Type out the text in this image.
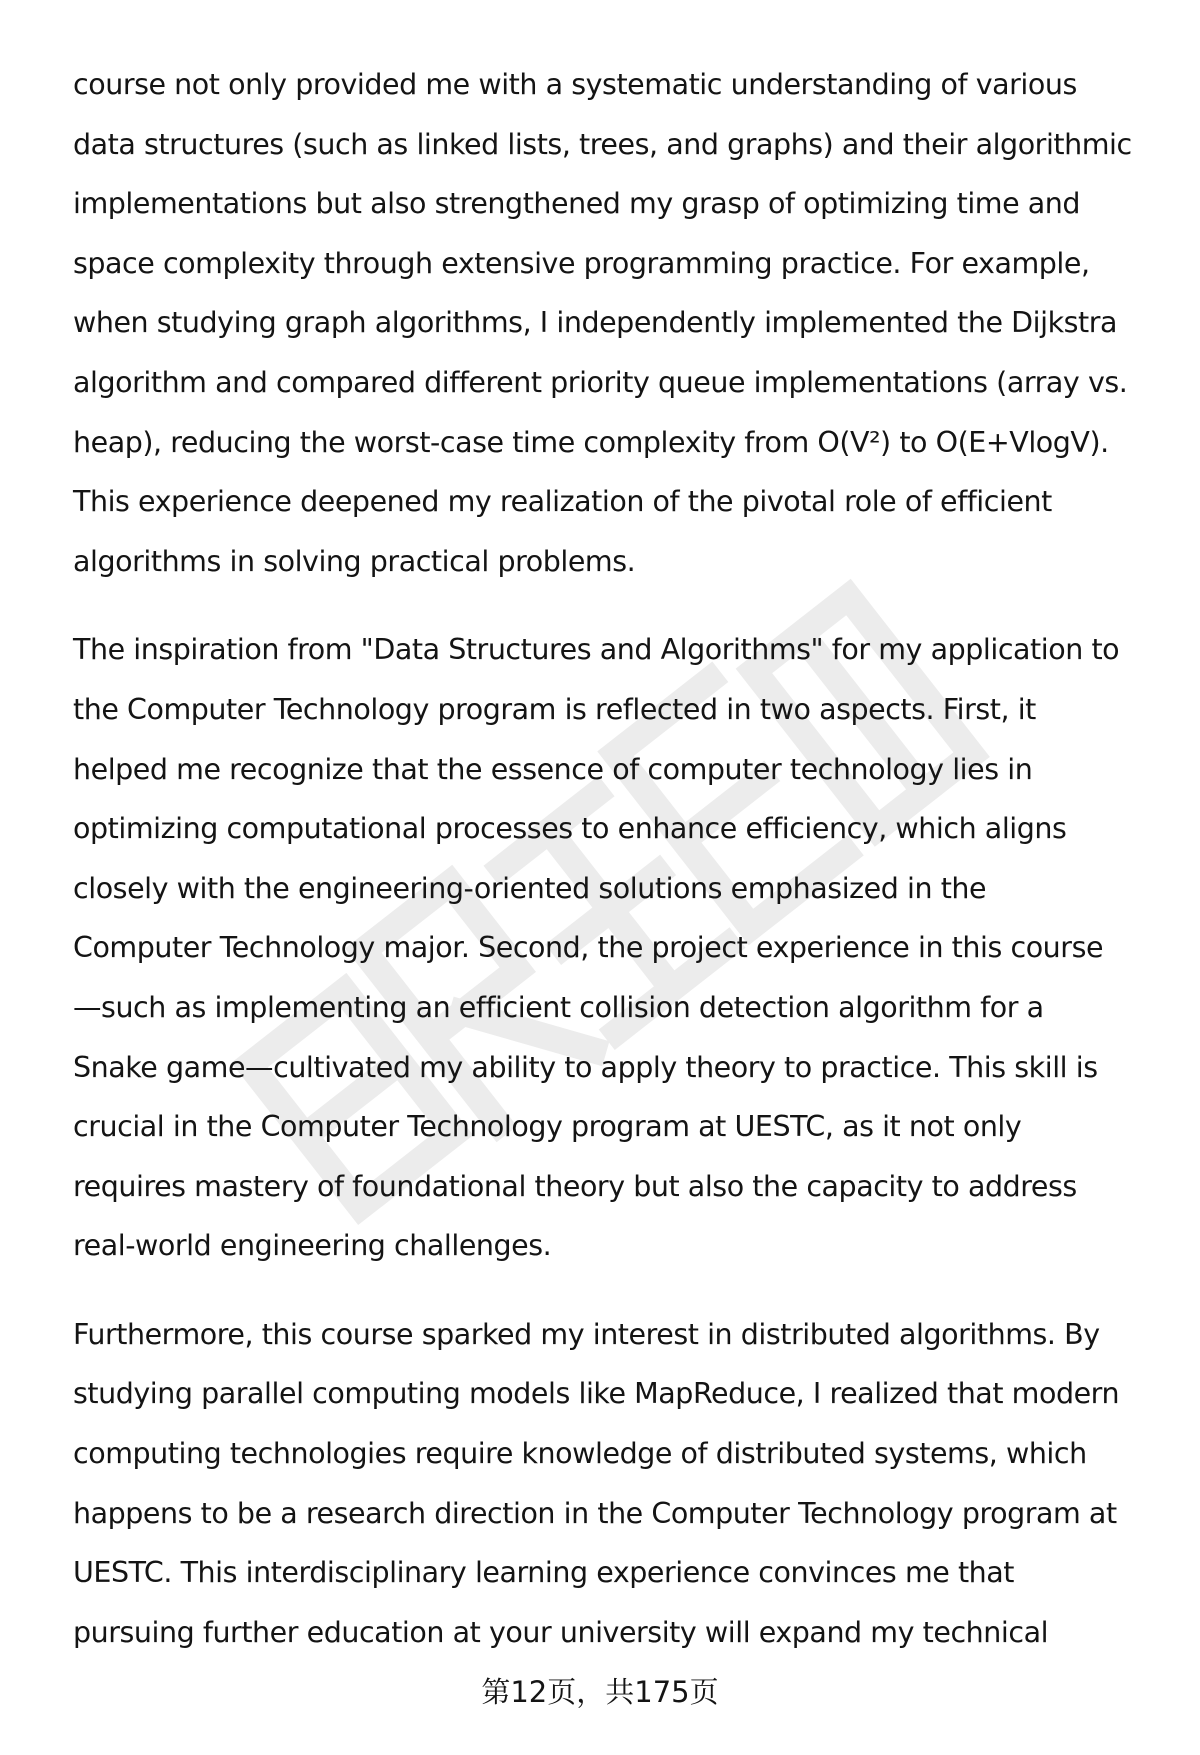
course not only provided me with a systematic understanding of various
data structures (such as linked lists, trees, and graphs) and their algorithmic
implementations but also strengthened my grasp of optimizing time and
space complexity through extensive programming practice. For example,
when studying graph algorithms, I independently implemented the Dijkstra
algorithm and compared different priority queue implementations (array vs.
heap), reducing the worst-case time complexity from O(V²) to O(E+VlogV).
This experience deepened my realization of the pivotal role of efficient
algorithms in solving practical problems.
The inspiration from "Data Structures and Algorithms" for my application to
the Computer Technology program is reflected in two aspects. First, it
helped me recognize that the essence of computer technology lies in
optimizing computational processes to enhance efficiency, which aligns
closely with the engineering-oriented solutions emphasized in the
Computer Technology major. Second, the project experience in this course
—such as implementing an efficient collision detection algorithm for a
Snake game—cultivated my ability to apply theory to practice. This skill is
crucial in the Computer Technology program at UESTC, as it not only
requires mastery of foundational theory but also the capacity to address
real-world engineering challenges.
Furthermore, this course sparked my interest in distributed algorithms. By
studying parallel computing models like MapReduce, I realized that modern
computing technologies require knowledge of distributed systems, which
happens to be a research direction in the Computer Technology program at
UESTC. This interdisciplinary learning experience convinces me that
pursuing further education at your university will expand my technical
第12页，共175页
